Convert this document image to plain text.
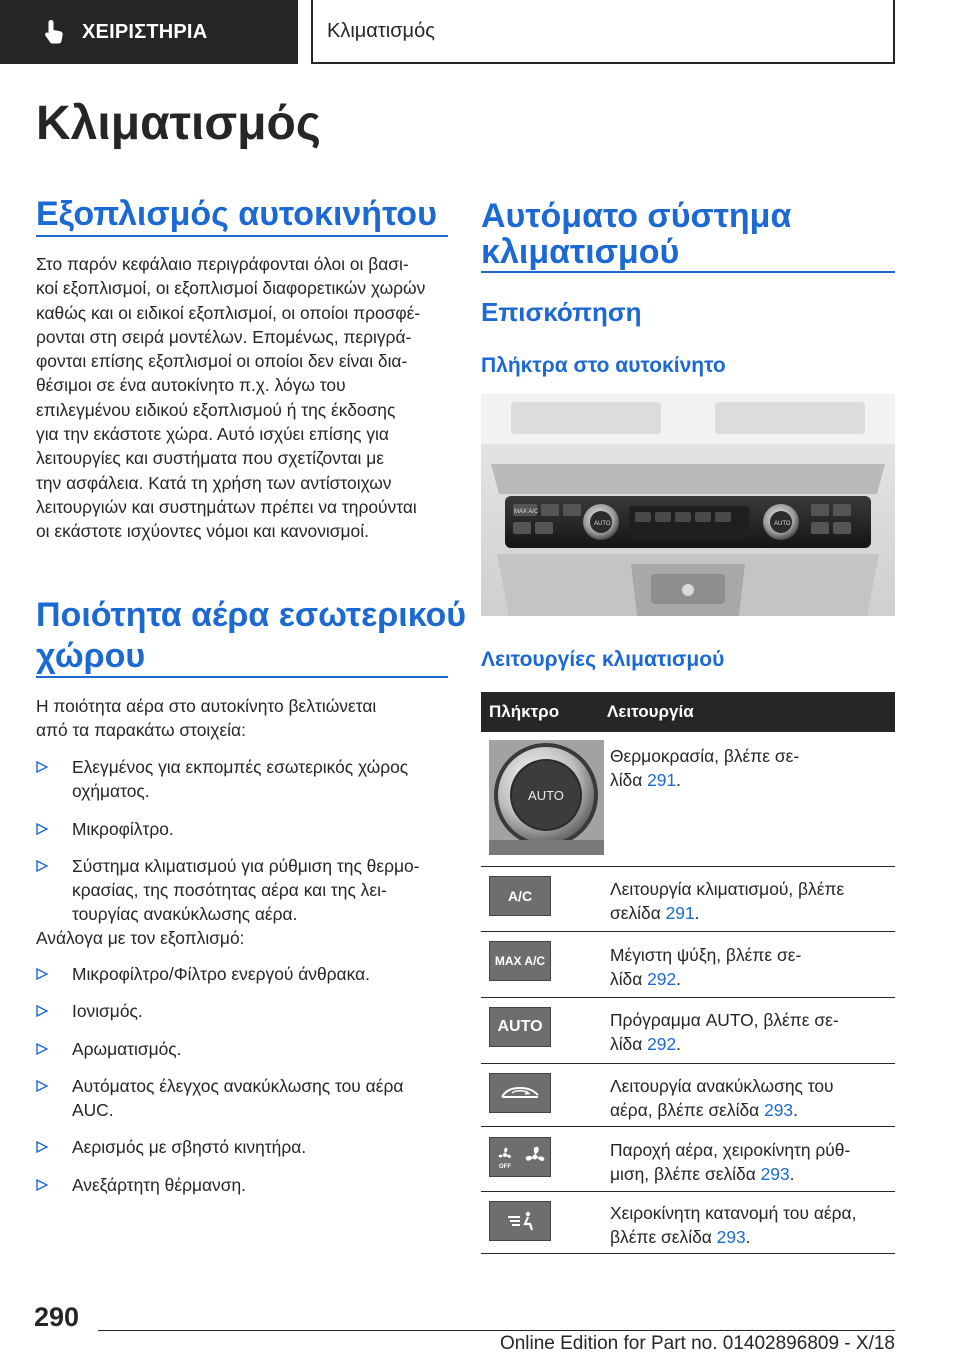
ΧΕΙΡΙΣΤΗΡΙΑ	Κλιματισμός
Κλιματισμός
Εξοπλισμός αυτοκινήτου
Στο παρόν κεφάλαιο περιγράφονται όλοι οι βασι-
κοί εξοπλισμοί, οι εξοπλισμοί διαφορετικών χωρών
καθώς και οι ειδικοί εξοπλισμοί, οι οποίοι προσφέ-
ρονται στη σειρά μοντέλων. Επομένως, περιγρά-
φονται επίσης εξοπλισμοί οι οποίοι δεν είναι δια-
θέσιμοι σε ένα αυτοκίνητο π.χ. λόγω του
επιλεγμένου ειδικού εξοπλισμού ή της έκδοσης
για την εκάστοτε χώρα. Αυτό ισχύει επίσης για
λειτουργίες και συστήματα που σχετίζονται με
την ασφάλεια. Κατά τη χρήση των αντίστοιχων
λειτουργιών και συστημάτων πρέπει να τηρούνται
οι εκάστοτε ισχύοντες νόμοι και κανονισμοί.
Ποιότητα αέρα εσωτερικού
χώρου
Η ποιότητα αέρα στο αυτοκίνητο βελτιώνεται
από τα παρακάτω στοιχεία:
Ελεγμένος για εκπομπές εσωτερικός χώρος
οχήματος.
Μικροφίλτρο.
Σύστημα κλιματισμού για ρύθμιση της θερμο-
κρασίας, της ποσότητας αέρα και της λει-
τουργίας ανακύκλωσης αέρα.
Ανάλογα με τον εξοπλισμό:
Μικροφίλτρο/Φίλτρο ενεργού άνθρακα.
Ιονισμός.
Αρωματισμός.
Αυτόματος έλεγχος ανακύκλωσης του αέρα
AUC.
Αερισμός με σβηστό κινητήρα.
Ανεξάρτητη θέρμανση.
Αυτόματο σύστημα
κλιματισμού
Επισκόπηση
Πλήκτρα στο αυτοκίνητο
MAX A/C
AUTO	AUTO
Λειτουργίες κλιματισμού
Πλήκτρο	Λειτουργία
AUTO
Θερμοκρασία, βλέπε σε-
λίδα 291.
A/C	Λειτουργία κλιματισμού, βλέπε
σελίδα 291.
MAX A/C	Μέγιστη ψύξη, βλέπε σε-
λίδα 292.
AUTO	Πρόγραμμα AUTO, βλέπε σε-
λίδα 292.
Λειτουργία ανακύκλωσης του
αέρα, βλέπε σελίδα 293.
OFF
Παροχή αέρα, χειροκίνητη ρύθ-
μιση, βλέπε σελίδα 293.
Χειροκίνητη κατανομή του αέρα,
βλέπε σελίδα 293.
290
Online Edition for Part no. 01402896809 - X/18
